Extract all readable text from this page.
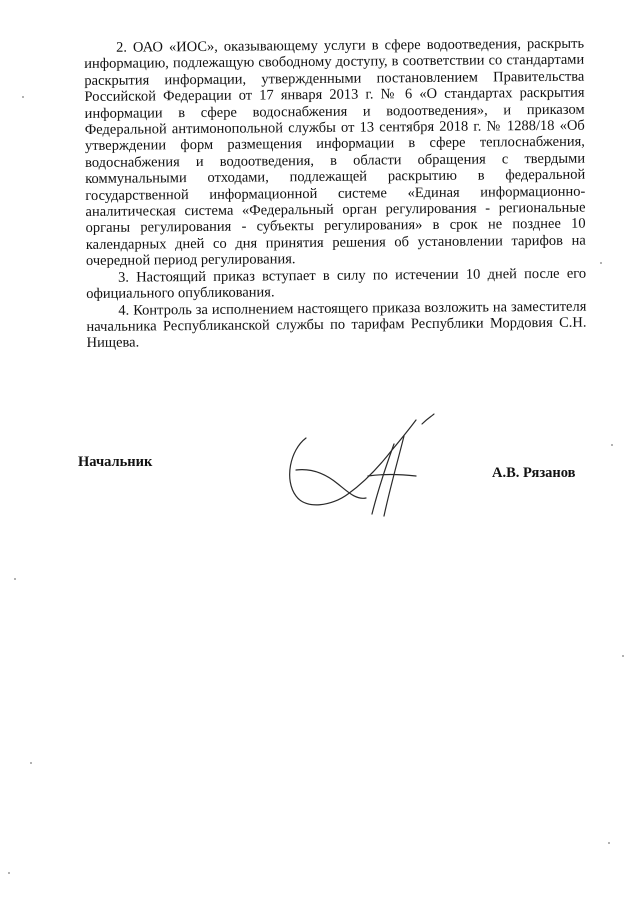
2. ОАО «ИОС», оказывающему услуги в сфере водоотведения, раскрыть информацию, подлежащую свободному доступу, в соответствии со стандартами раскрытия информации, утвержденными постановлением Правительства Российской Федерации от 17 января 2013 г. № 6 «О стандартах раскрытия информации в сфере водоснабжения и водоотведения», и приказом Федеральной антимонопольной службы от 13 сентября 2018 г. № 1288/18 «Об утверждении форм размещения информации в сфере теплоснабжения, водоснабжения и водоотведения, в области обращения с твердыми коммунальными отходами, подлежащей раскрытию в федеральной государственной информационной системе «Единая информационно-аналитическая система «Федеральный орган регулирования - региональные органы регулирования - субъекты регулирования» в срок не позднее 10 календарных дней со дня принятия решения об установлении тарифов на очередной период регулирования.

3. Настоящий приказ вступает в силу по истечении 10 дней после его официального опубликования.

4. Контроль за исполнением настоящего приказа возложить на заместителя начальника Республиканской службы по тарифам Республики Мордовия С.Н. Нищева.

Начальник
А.В. Рязанов
